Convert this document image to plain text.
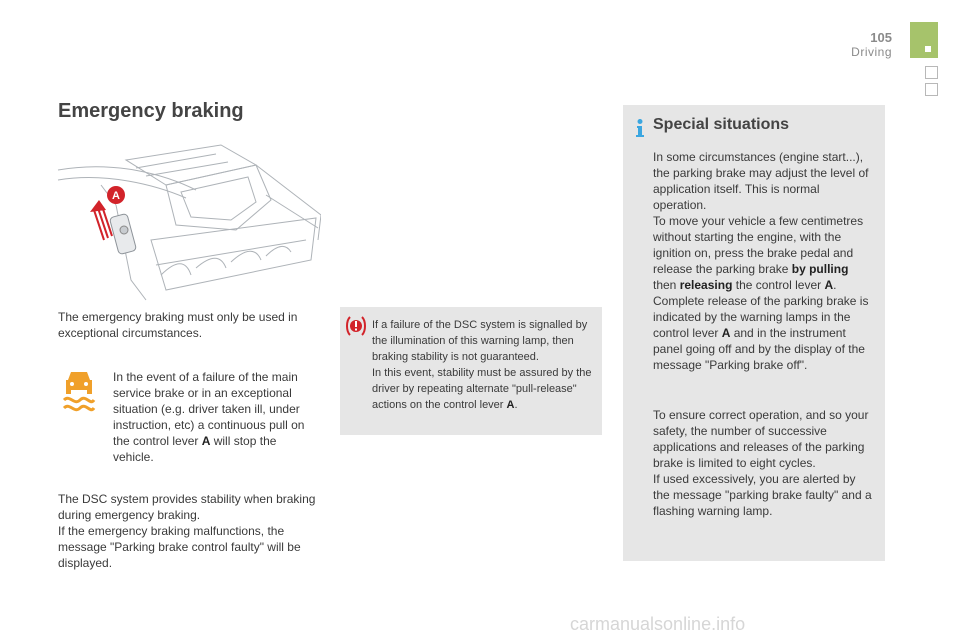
105
Driving
Emergency braking
A

The emergency braking must only be used in exceptional circumstances.

In the event of a failure of the main service brake or in an exceptional situation (e.g. driver taken ill, under instruction, etc) a continuous pull on the control lever A will stop the vehicle.

The DSC system provides stability when braking during emergency braking.
If the emergency braking malfunctions, the message "Parking brake control faulty" will be displayed.

If a failure of the DSC system is signalled by the illumination of this warning lamp, then braking stability is not guaranteed.
In this event, stability must be assured by the driver by repeating alternate "pull-release" actions on the control lever A.

Special situations

In some circumstances (engine start...), the parking brake may adjust the level of application itself. This is normal operation.

To move your vehicle a few centimetres without starting the engine, with the ignition on, press the brake pedal and release the parking brake by pulling then releasing the control lever A.

Complete release of the parking brake is indicated by the warning lamps in the control lever A and in the instrument panel going off and by the display of the message "Parking brake off".

To ensure correct operation, and so your safety, the number of successive applications and releases of the parking brake is limited to eight cycles.

If used excessively, you are alerted by the message "parking brake faulty" and a flashing warning lamp.

carmanualsonline.info
